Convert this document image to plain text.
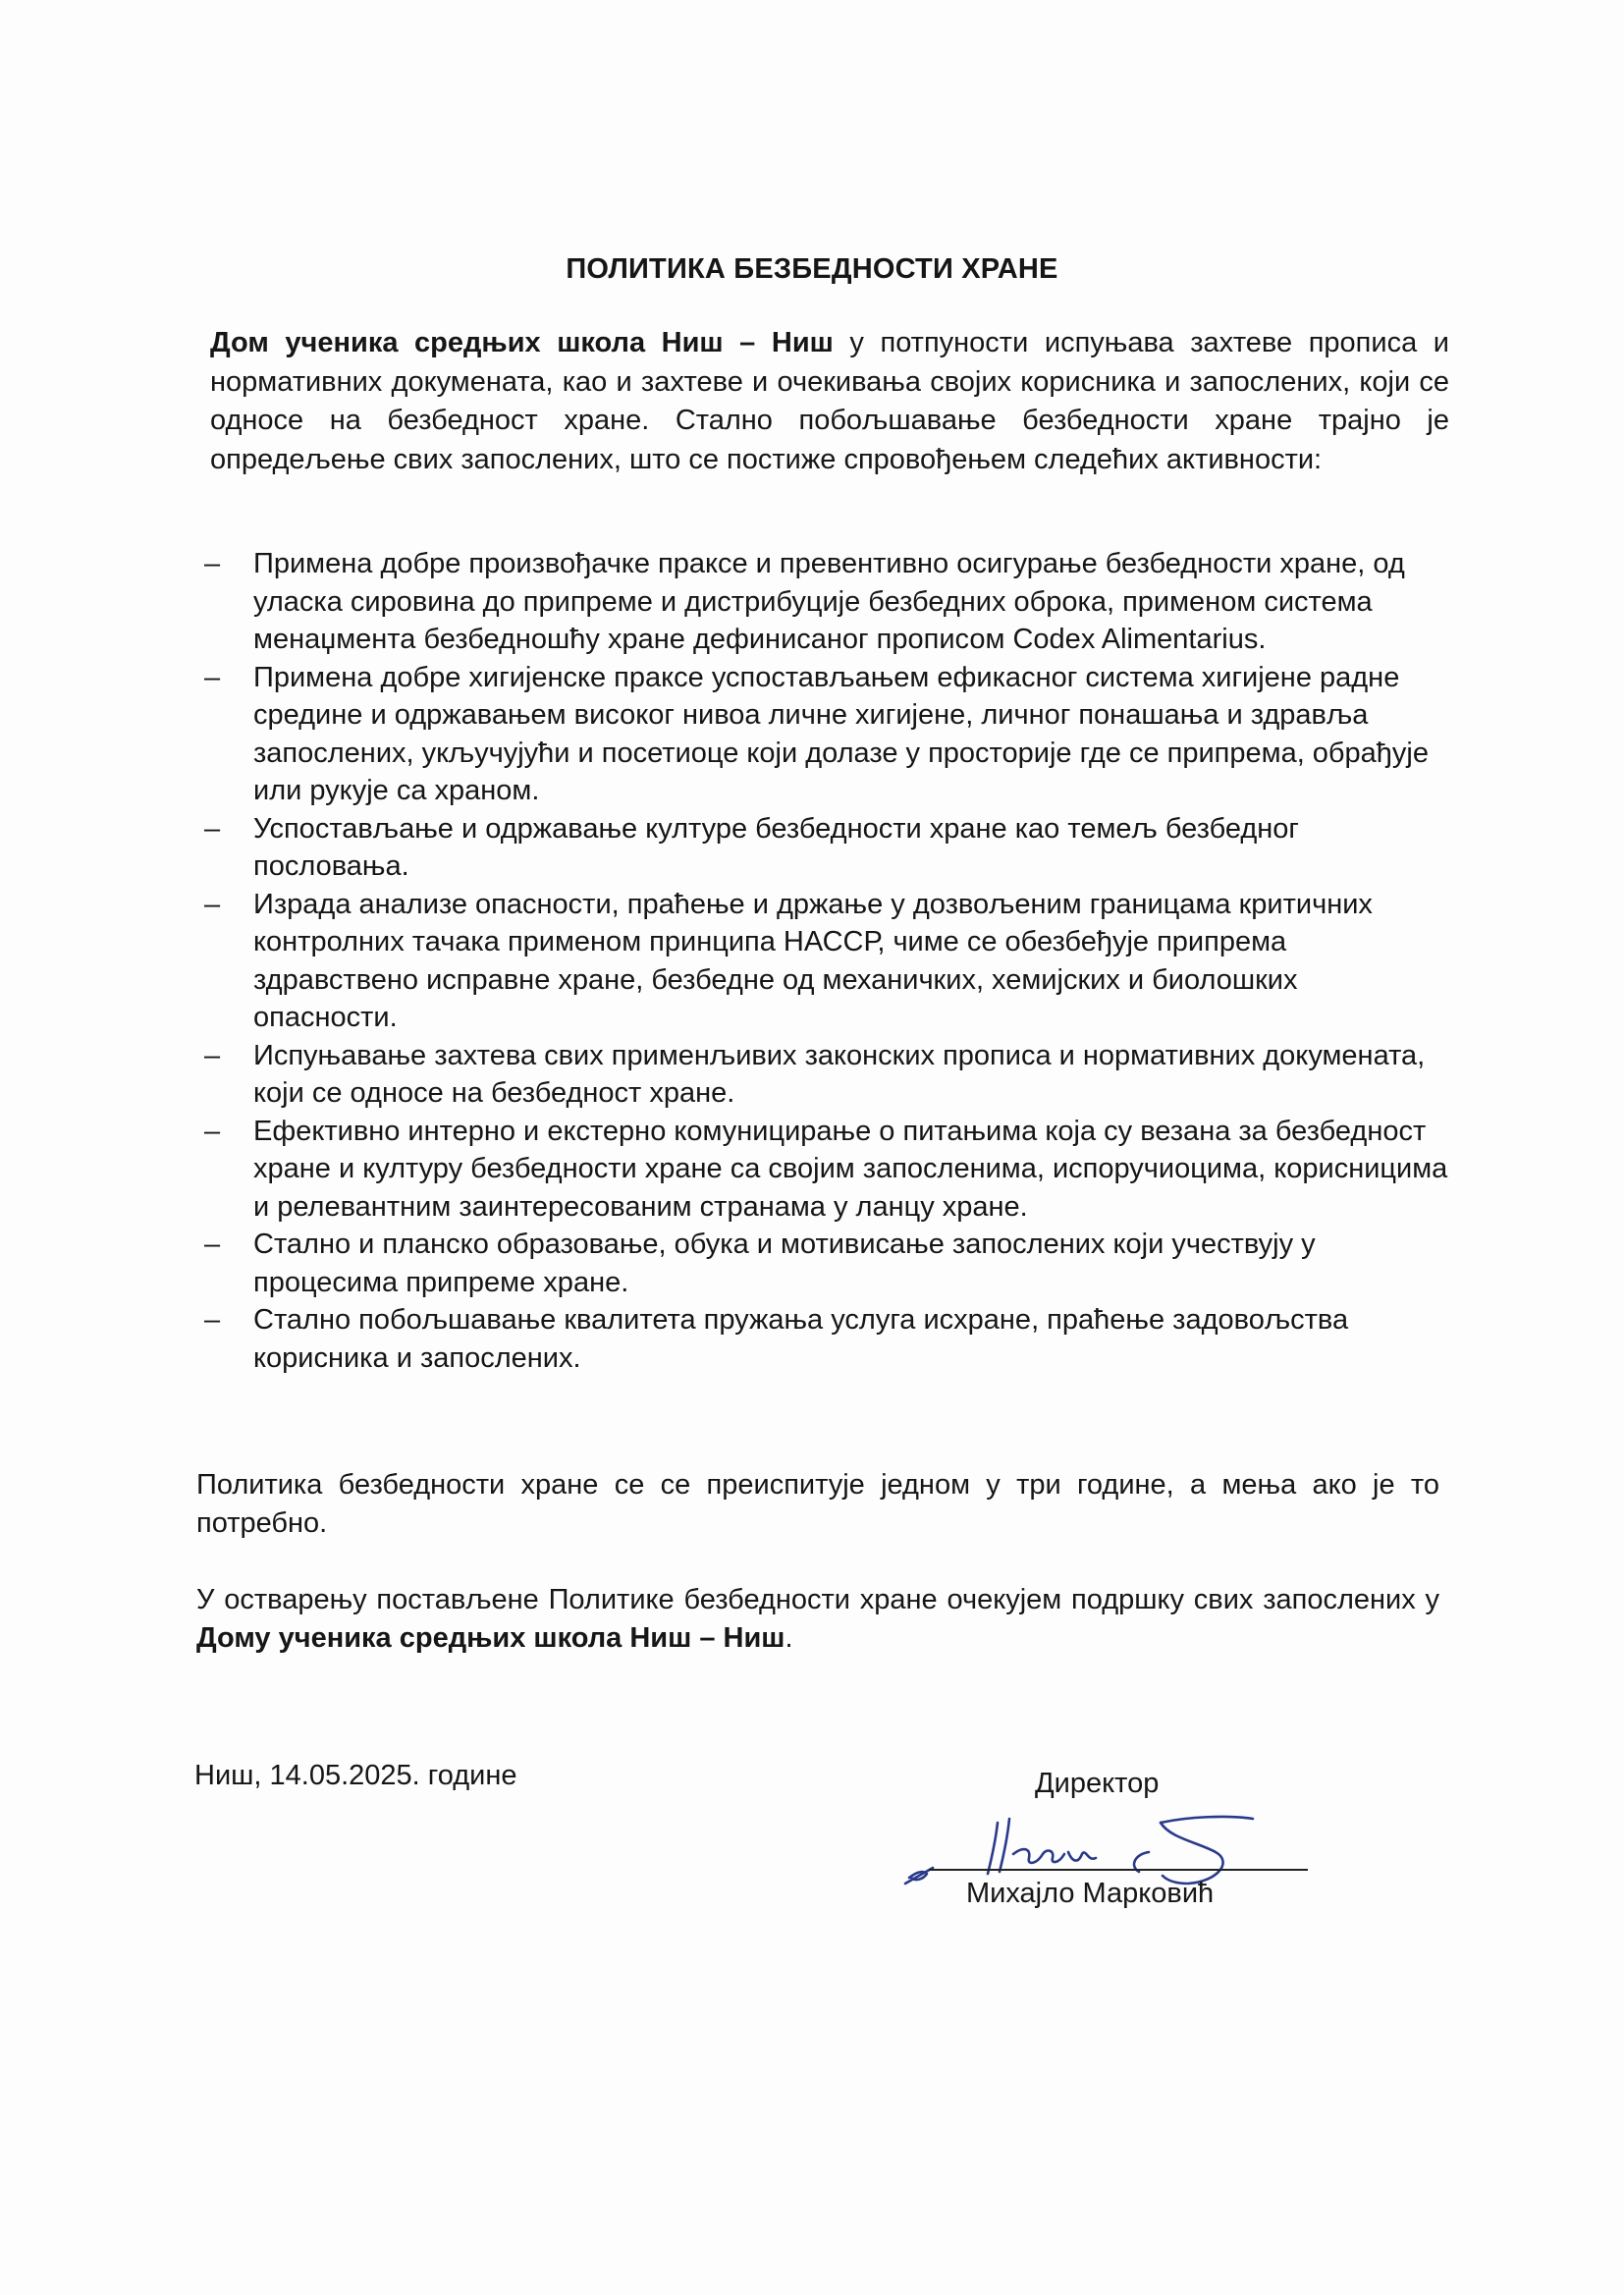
ПОЛИТИКА БЕЗБЕДНОСТИ ХРАНЕ
Дом ученика средњих школа Ниш – Ниш у потпуности испуњава захтеве прописа и нормативних докумената, као и захтеве и очекивања својих корисника и запослених, који се односе на безбедност хране. Стално побољшавање безбедности хране трајно је опредељење свих запослених, што се постиже спровођењем следећих активности:
– Примена добре произвођачке праксе и превентивно осигурање безбедности хране, од уласка сировина до припреме и дистрибуције безбедних оброка, применом система менаџмента безбедношћу хране дефинисаног прописом Codex Alimentarius.
– Примена добре хигијенске праксе успостављањем ефикасног система хигијене радне средине и одржавањем високог нивоа личне хигијене, личног понашања и здравља запослених, укључујући и посетиоце који долазе у просторије где се припрема, обрађује или рукује са храном.
– Успостављање и одржавање културе безбедности хране као темељ безбедног пословања.
– Израда анализе опасности, праћење и држање у дозвољеним границама критичних контролних тачака применом принципа НАССР, чиме се обезбеђује припрема здравствено исправне хране, безбедне од механичких, хемијских и биолошких опасности.
– Испуњавање захтева свих применљивих законских прописа и нормативних докумената, који се односе на безбедност хране.
– Ефективно интерно и екстерно комуницирање о питањима која су везана за безбедност хране и културу безбедности хране са својим запосленима, испоручиоцима, корисницима и релевантним заинтересованим странама у ланцу хране.
– Стално и планско образовање, обука и мотивисање запослених који учествују у процесима припреме хране.
– Стално побољшавање квалитета пружања услуга исхране, праћење задовољства корисника и запослених.
Политика безбедности хране се се преиспитује једном у три године, а мења ако је то потребно.
У остварењу постављене Политике безбедности хране очекујем подршку свих запослених у Дому ученика средњих школа Ниш – Ниш.
Ниш, 14.05.2025. године	Директор
Михајло Марковић
